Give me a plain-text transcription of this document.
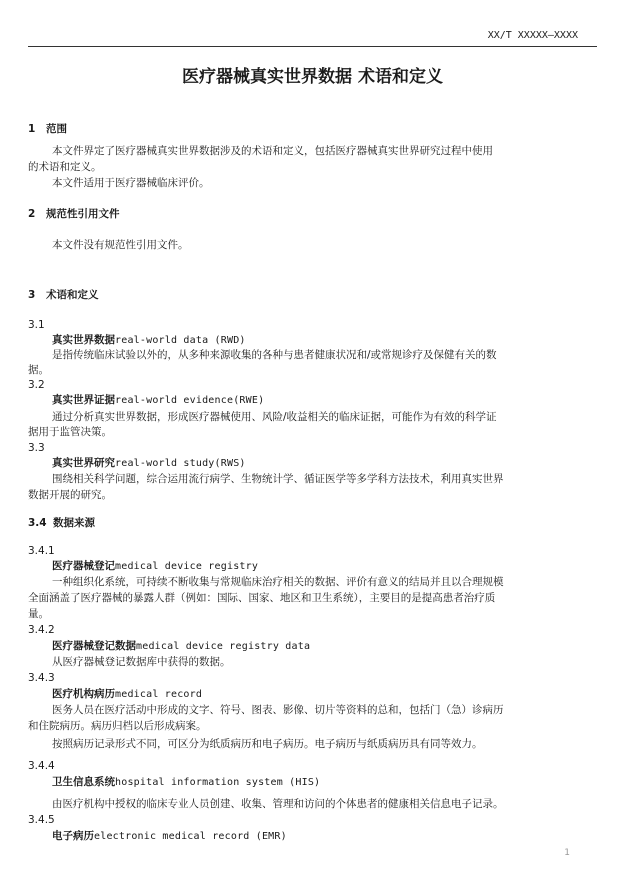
XX/T XXXXX—XXXX
医疗器械真实世界数据 术语和定义
1 范围
本文件界定了医疗器械真实世界数据涉及的术语和定义，包括医疗器械真实世界研究过程中使用
的术语和定义。
本文件适用于医疗器械临床评价。
2 规范性引用文件
本文件没有规范性引用文件。
3 术语和定义
3.1
真实世界数据real-world data (RWD)
是指传统临床试验以外的，从多种来源收集的各种与患者健康状况和/或常规诊疗及保健有关的数
据。
3.2
真实世界证据real-world evidence(RWE)
通过分析真实世界数据，形成医疗器械使用、风险/收益相关的临床证据，可能作为有效的科学证
据用于监管决策。
3.3
真实世界研究real-world study(RWS)
围绕相关科学问题，综合运用流行病学、生物统计学、循证医学等多学科方法技术，利用真实世界
数据开展的研究。
3.4 数据来源
3.4.1
医疗器械登记medical device registry
一种组织化系统，可持续不断收集与常规临床治疗相关的数据、评价有意义的结局并且以合理规模
全面涵盖了医疗器械的暴露人群（例如：国际、国家、地区和卫生系统），主要目的是提高患者治疗质
量。
3.4.2
医疗器械登记数据medical device registry data
从医疗器械登记数据库中获得的数据。
3.4.3
医疗机构病历medical record
医务人员在医疗活动中形成的文字、符号、图表、影像、切片等资料的总和，包括门（急）诊病历
和住院病历。病历归档以后形成病案。
按照病历记录形式不同，可区分为纸质病历和电子病历。电子病历与纸质病历具有同等效力。
3.4.4
卫生信息系统hospital information system (HIS)
由医疗机构中授权的临床专业人员创建、收集、管理和访问的个体患者的健康相关信息电子记录。
3.4.5
电子病历electronic medical record (EMR)
1
